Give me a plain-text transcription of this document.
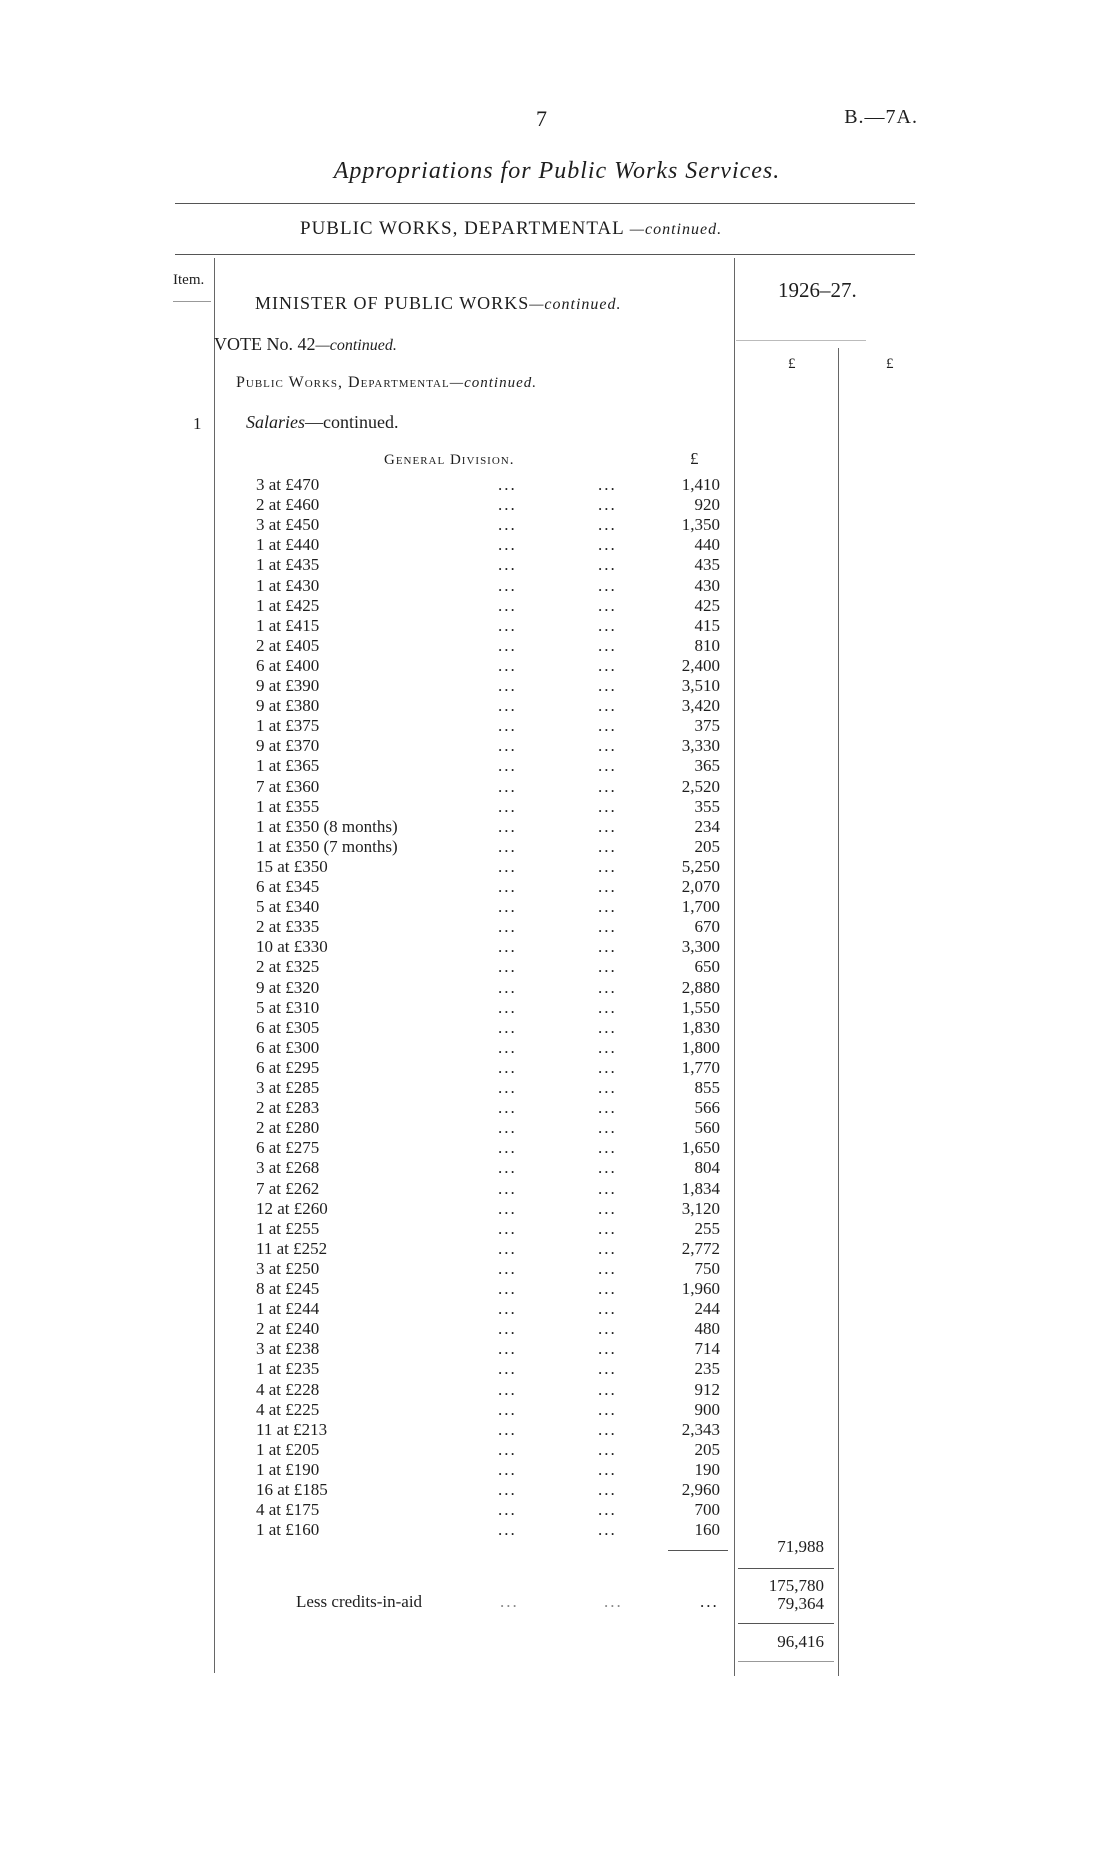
7	B.—7A.
Appropriations for Public Works Services.
PUBLIC WORKS, DEPARTMENTAL —continued.
Item.
MINISTER OF PUBLIC WORKS—continued.
VOTE No. 42—continued.
Public Works, Departmental—continued.
1 Salaries—continued.
1926–27.
£	£
General Division.	£
3 at £470	...	...	1,410
2 at £460	...	...	920
3 at £450	...	...	1,350
1 at £440	...	...	440
1 at £435	...	...	435
1 at £430	...	...	430
1 at £425	...	...	425
1 at £415	...	...	415
2 at £405	...	...	810
6 at £400	...	...	2,400
9 at £390	...	...	3,510
9 at £380	...	...	3,420
1 at £375	...	...	375
9 at £370	...	...	3,330
1 at £365	...	...	365
7 at £360	...	...	2,520
1 at £355	...	...	355
1 at £350 (8 months)	...	...	234
1 at £350 (7 months)	...	...	205
15 at £350	...	...	5,250
6 at £345	...	...	2,070
5 at £340	...	...	1,700
2 at £335	...	...	670
10 at £330	...	...	3,300
2 at £325	...	...	650
9 at £320	...	...	2,880
5 at £310	...	...	1,550
6 at £305	...	...	1,830
6 at £300	...	...	1,800
6 at £295	...	...	1,770
3 at £285	...	...	855
2 at £283	...	...	566
2 at £280	...	...	560
6 at £275	...	...	1,650
3 at £268	...	...	804
7 at £262	...	...	1,834
12 at £260	...	...	3,120
1 at £255	...	...	255
11 at £252	...	...	2,772
3 at £250	...	...	750
8 at £245	...	...	1,960
1 at £244	...	...	244
2 at £240	...	...	480
3 at £238	...	...	714
1 at £235	...	...	235
4 at £228	...	...	912
4 at £225	...	...	900
11 at £213	...	...	2,343
1 at £205	...	...	205
1 at £190	...	...	190
16 at £185	...	...	2,960
4 at £175	...	...	700
1 at £160	...	...	160
71,988
175,780
Less credits-in-aid	...	...	...	79,364
96,416
